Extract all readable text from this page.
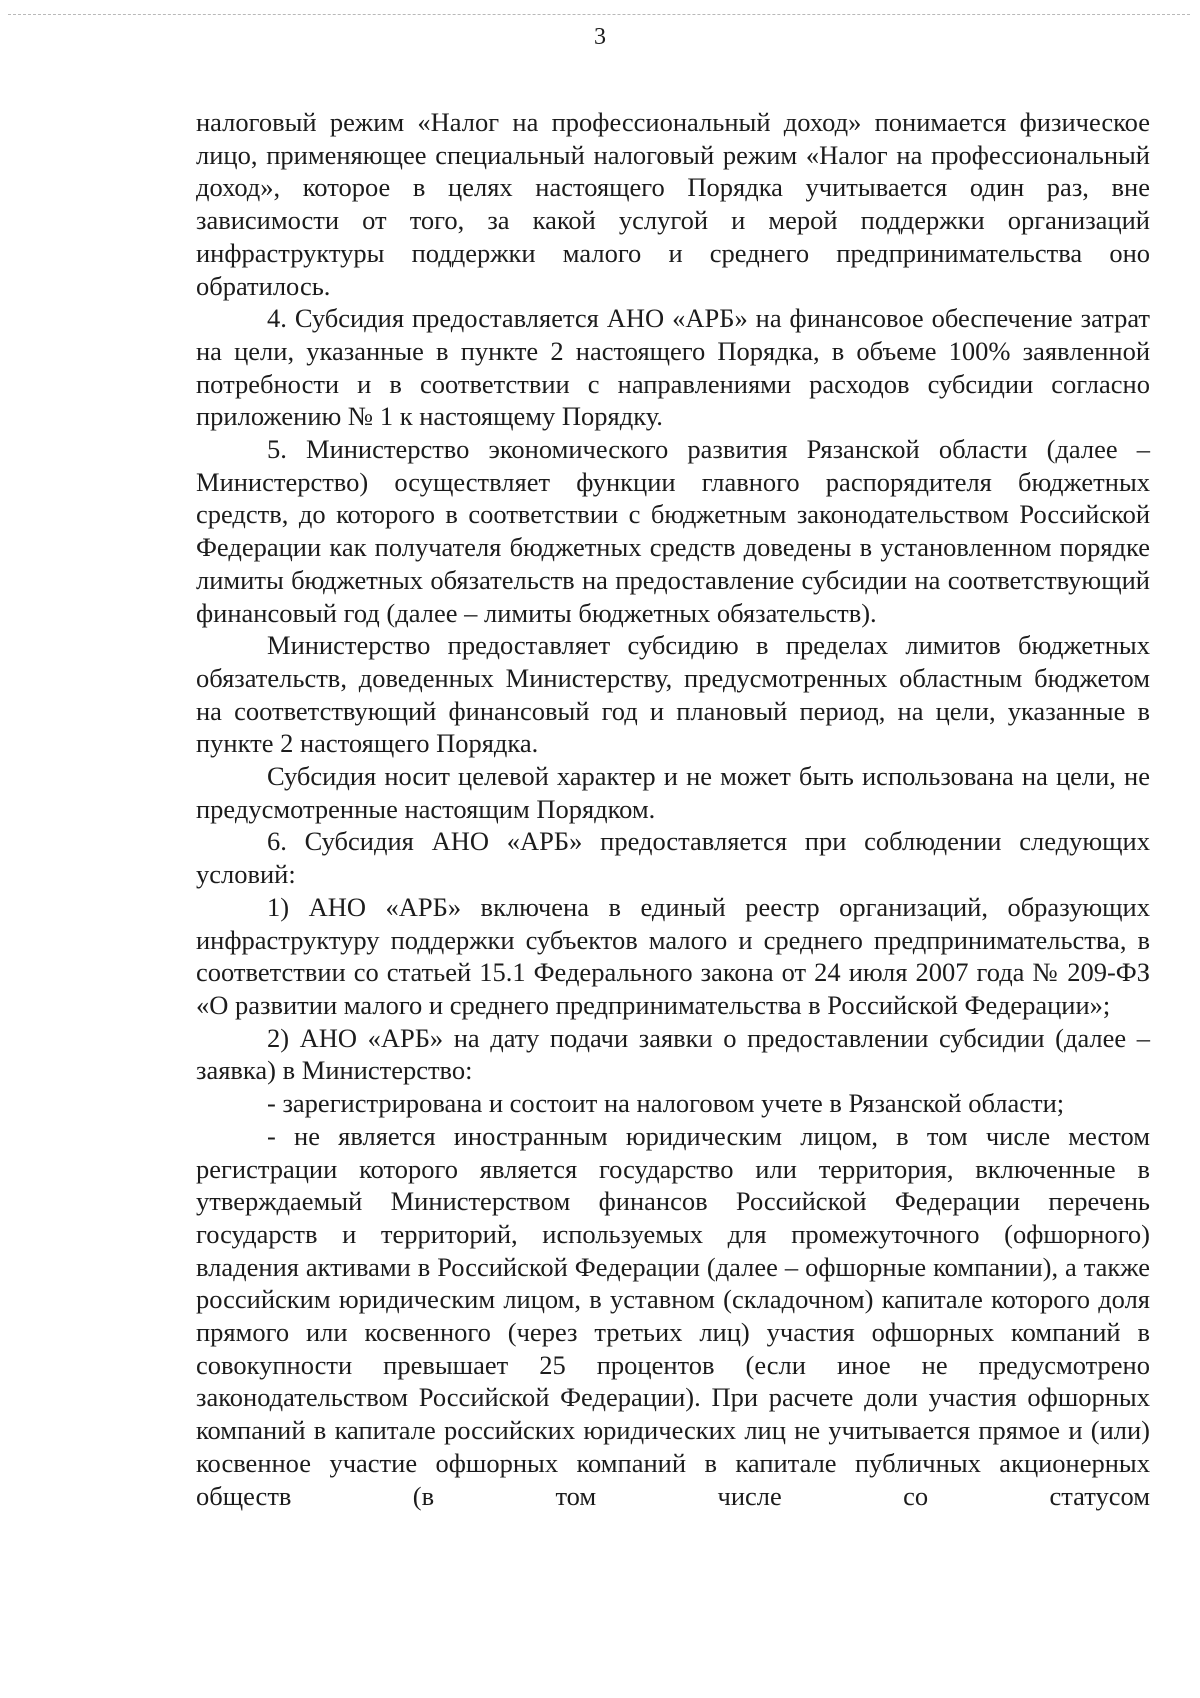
3

налоговый режим «Налог на профессиональный доход» понимается физическое лицо, применяющее специальный налоговый режим «Налог на профессиональный доход», которое в целях настоящего Порядка учитывается один раз, вне зависимости от того, за какой услугой и мерой поддержки организаций инфраструктуры поддержки малого и среднего предпринимательства оно обратилось.

4. Субсидия предоставляется АНО «АРБ» на финансовое обеспечение затрат на цели, указанные в пункте 2 настоящего Порядка, в объеме 100% заявленной потребности и в соответствии с направлениями расходов субсидии согласно приложению № 1 к настоящему Порядку.

5. Министерство экономического развития Рязанской области (далее – Министерство) осуществляет функции главного распорядителя бюджетных средств, до которого в соответствии с бюджетным законодательством Российской Федерации как получателя бюджетных средств доведены в установленном порядке лимиты бюджетных обязательств на предоставление субсидии на соответствующий финансовый год (далее – лимиты бюджетных обязательств).

Министерство предоставляет субсидию в пределах лимитов бюджетных обязательств, доведенных Министерству, предусмотренных областным бюджетом на соответствующий финансовый год и плановый период, на цели, указанные в пункте 2 настоящего Порядка.

Субсидия носит целевой характер и не может быть использована на цели, не предусмотренные настоящим Порядком.

6. Субсидия АНО «АРБ» предоставляется при соблюдении следующих условий:

1) АНО «АРБ» включена в единый реестр организаций, образующих инфраструктуру поддержки субъектов малого и среднего предпринимательства, в соответствии со статьей 15.1 Федерального закона от 24 июля 2007 года № 209-ФЗ «О развитии малого и среднего предпринимательства в Российской Федерации»;

2) АНО «АРБ» на дату подачи заявки о предоставлении субсидии (далее – заявка) в Министерство:

- зарегистрирована и состоит на налоговом учете в Рязанской области;

- не является иностранным юридическим лицом, в том числе местом регистрации которого является государство или территория, включенные в утверждаемый Министерством финансов Российской Федерации перечень государств и территорий, используемых для промежуточного (офшорного) владения активами в Российской Федерации (далее – офшорные компании), а также российским юридическим лицом, в уставном (складочном) капитале которого доля прямого или косвенного (через третьих лиц) участия офшорных компаний в совокупности превышает 25 процентов (если иное не предусмотрено законодательством Российской Федерации). При расчете доли участия офшорных компаний в капитале российских юридических лиц не учитывается прямое и (или) косвенное участие офшорных компаний в капитале публичных акционерных обществ (в том числе со статусом
